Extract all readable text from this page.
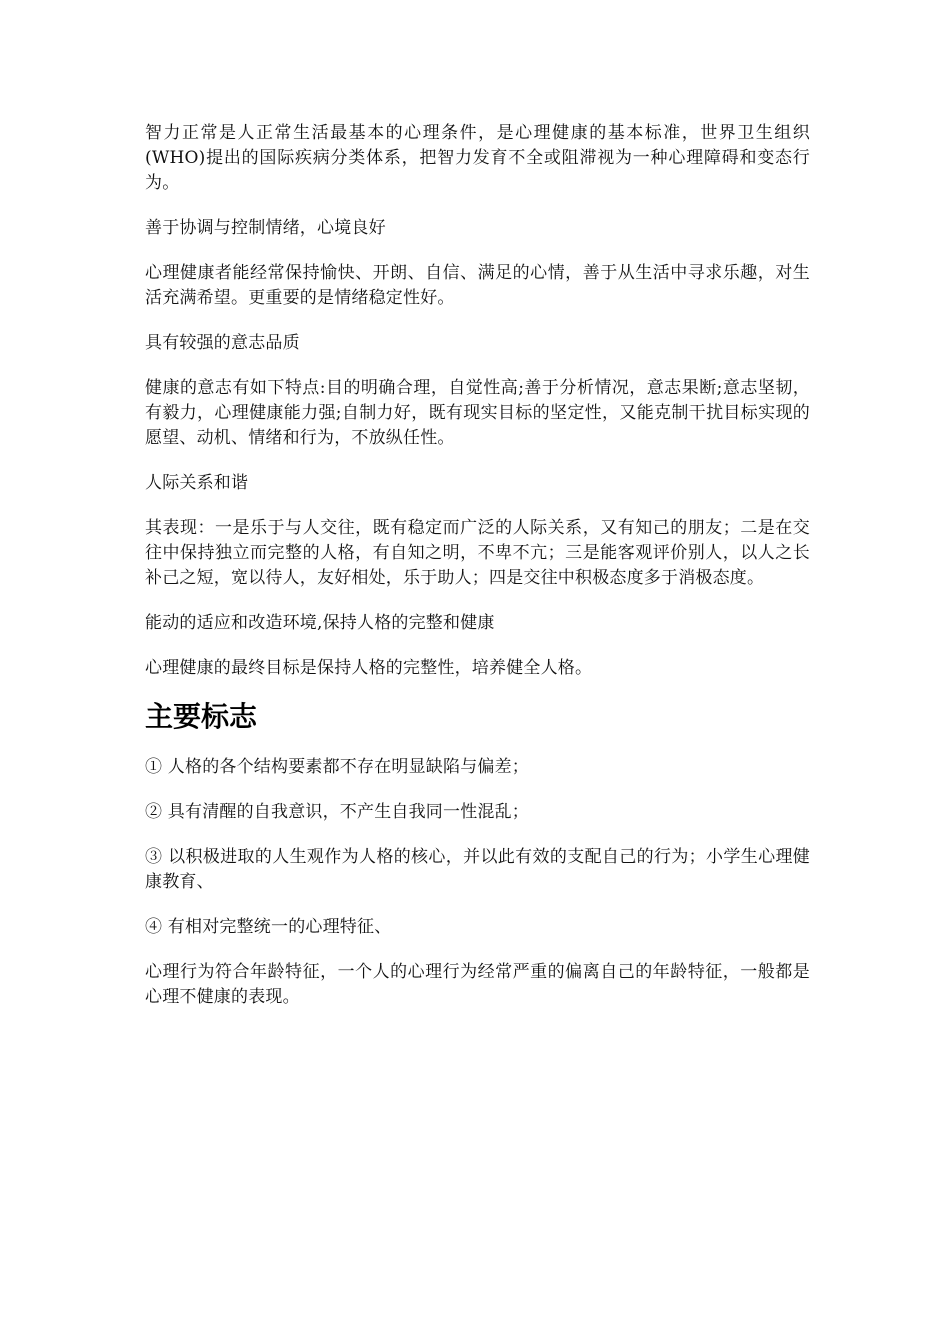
智力正常是人正常生活最基本的心理条件，是心理健康的基本标准，世界卫生组织 (WHO)提出的国际疾病分类体系，把智力发育不全或阻滞视为一种心理障碍和变态行为。

善于协调与控制情绪，心境良好

心理健康者能经常保持愉快、开朗、自信、满足的心情，善于从生活中寻求乐趣，对生活充满希望。更重要的是情绪稳定性好。

具有较强的意志品质

健康的意志有如下特点:目的明确合理，自觉性高;善于分析情况，意志果断;意志坚韧，有毅力，心理健康能力强;自制力好，既有现实目标的坚定性，又能克制干扰目标实现的愿望、动机、情绪和行为，不放纵任性。

人际关系和谐

其表现：一是乐于与人交往，既有稳定而广泛的人际关系，又有知己的朋友；二是在交往中保持独立而完整的人格，有自知之明，不卑不亢；三是能客观评价别人，以人之长补己之短，宽以待人，友好相处，乐于助人；四是交往中积极态度多于消极态度。

能动的适应和改造环境,保持人格的完整和健康

心理健康的最终目标是保持人格的完整性，培养健全人格。

主要标志

① 人格的各个结构要素都不存在明显缺陷与偏差；

② 具有清醒的自我意识，不产生自我同一性混乱；

③ 以积极进取的人生观作为人格的核心，并以此有效的支配自己的行为；小学生心理健康教育、

④ 有相对完整统一的心理特征、

心理行为符合年龄特征，一个人的心理行为经常严重的偏离自己的年龄特征，一般都是心理不健康的表现。
